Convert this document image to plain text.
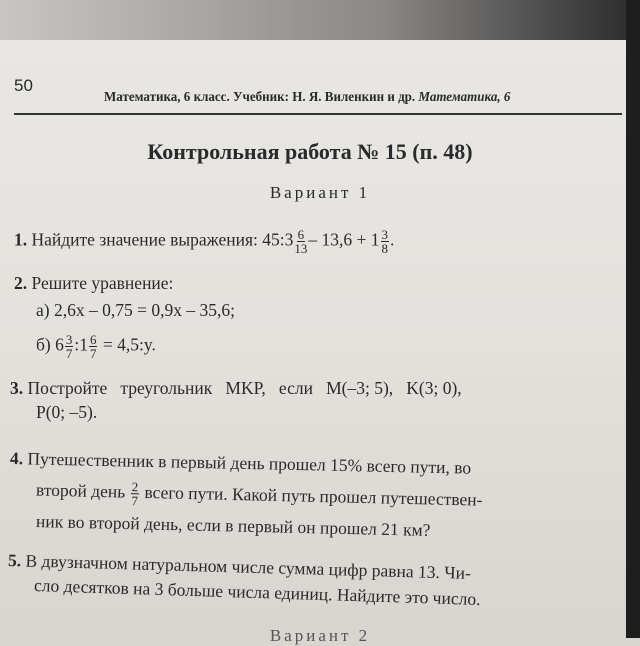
50
Математика, 6 класс. Учебник: Н. Я. Виленкин и др. Математика, 6
Контрольная работа № 15 (п. 48)
Вариант 1
1. Найдите значение выражения: 45:3 $\frac{6}{13} - 13,6 + 1 \frac{3}{8}$ .
2. Решите уравнение:
а) 2,6x – 0,75 = 0,9x – 35,6;
б) $6 \frac{3}{7}$ :1 $\frac{6}{7}$ = 4,5:y.
3. Постройте   треугольник   MKP,   если   M(–3; 5),   K(3; 0),
P(0; –5).
4. Путешественник в первый день прошел 15% всего пути, во
второй день $\frac{2}{7}$ всего пути. Какой путь прошел путешествен-
ник во второй день, если в первый он прошел 21 км?
5. В двузначном натуральном числе сумма цифр равна 13. Чи-
сло десятков на 3 больше числа единиц. Найдите это число.
Вариант 2
